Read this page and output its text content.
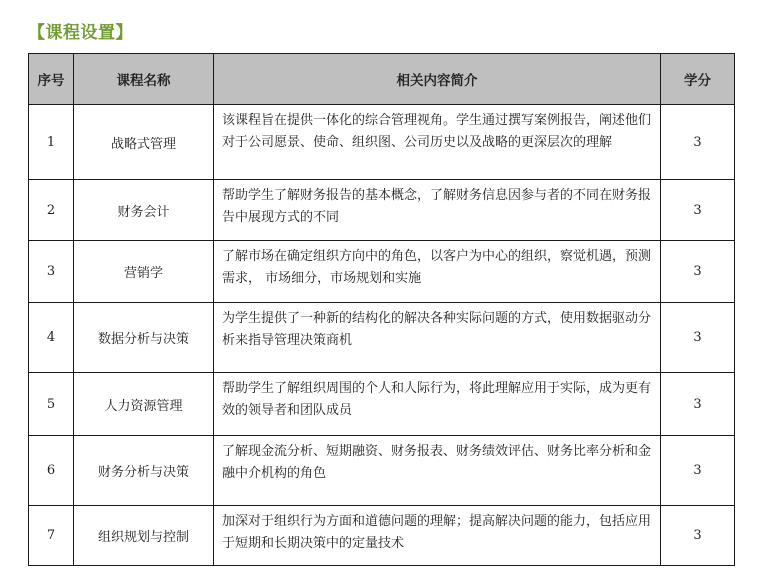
【课程设置】
序号	课程名称	相关内容简介	学分
1	战略式管理	该课程旨在提供一体化的综合管理视角。学生通过撰写案例报告，阐述他们对于公司愿景、使命、组织图、公司历史以及战略的更深层次的理解	3
2	财务会计	帮助学生了解财务报告的基本概念，了解财务信息因参与者的不同在财务报告中展现方式的不同	3
3	营销学	了解市场在确定组织方向中的角色，以客户为中心的组织，察觉机遇，预测需求， 市场细分，市场规划和实施	3
4	数据分析与决策	为学生提供了一种新的结构化的解决各种实际问题的方式，使用数据驱动分析来指导管理决策商机	3
5	人力资源管理	帮助学生了解组织周围的个人和人际行为，将此理解应用于实际，成为更有效的领导者和团队成员	3
6	财务分析与决策	了解现金流分析、短期融资、财务报表、财务绩效评估、财务比率分析和金融中介机构的角色	3
7	组织规划与控制	加深对于组织行为方面和道德问题的理解；提高解决问题的能力，包括应用于短期和长期决策中的定量技术	3
